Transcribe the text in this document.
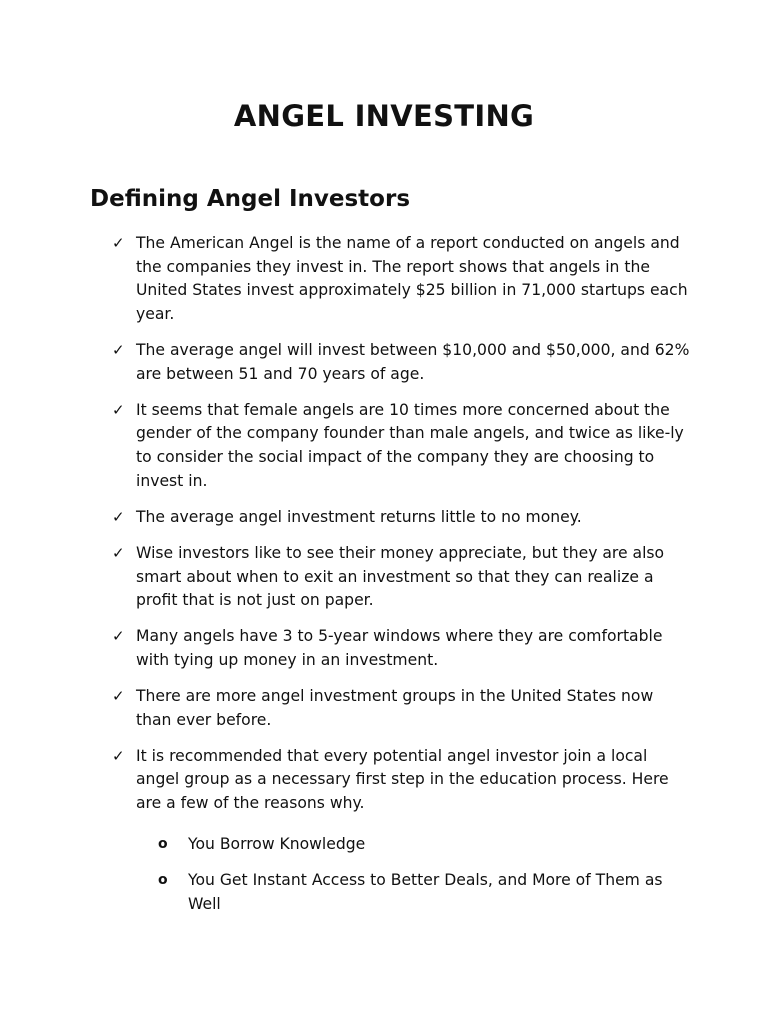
ANGEL INVESTING
Defining Angel Investors
✓ The American Angel is the name of a report conducted on angels and the companies they invest in. The report shows that angels in the United States invest approximately $25 billion in 71,000 startups each year.
✓ The average angel will invest between $10,000 and $50,000, and 62% are between 51 and 70 years of age.
✓ It seems that female angels are 10 times more concerned about the gender of the company founder than male angels, and twice as like-ly to consider the social impact of the company they are choosing to invest in.
✓ The average angel investment returns little to no money.
✓ Wise investors like to see their money appreciate, but they are also smart about when to exit an investment so that they can realize a profit that is not just on paper.
✓ Many angels have 3 to 5-year windows where they are comfortable with tying up money in an investment.
✓ There are more angel investment groups in the United States now than ever before.
✓ It is recommended that every potential angel investor join a local angel group as a necessary first step in the education process. Here are a few of the reasons why.
o You Borrow Knowledge
o You Get Instant Access to Better Deals, and More of Them as Well
